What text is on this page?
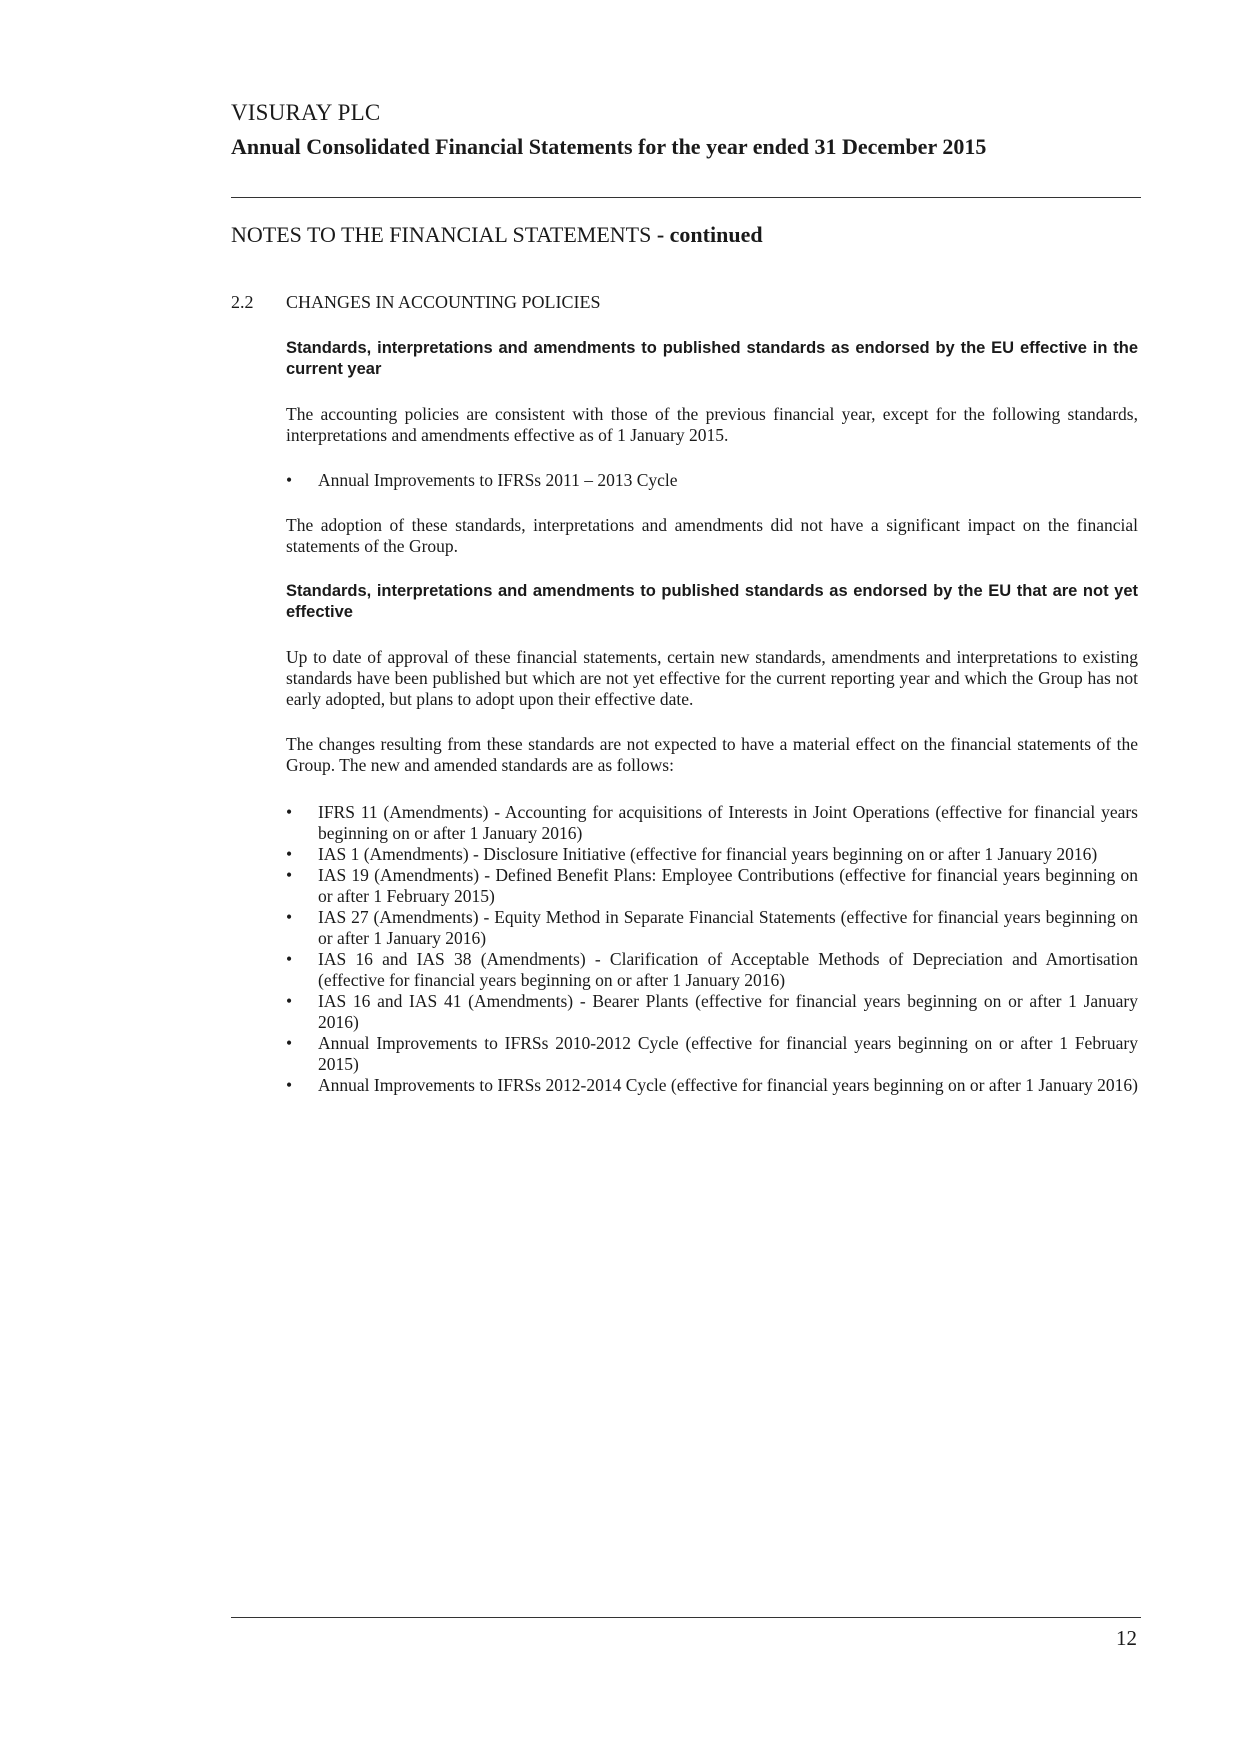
VISURAY PLC
Annual Consolidated Financial Statements for the year ended 31 December 2015
NOTES TO THE FINANCIAL STATEMENTS - continued
2.2 CHANGES IN ACCOUNTING POLICIES

Standards, interpretations and amendments to published standards as endorsed by the EU effective in the current year

The accounting policies are consistent with those of the previous financial year, except for the following standards, interpretations and amendments effective as of 1 January 2015.

• Annual Improvements to IFRSs 2011 – 2013 Cycle

The adoption of these standards, interpretations and amendments did not have a significant impact on the financial statements of the Group.

Standards, interpretations and amendments to published standards as endorsed by the EU that are not yet effective

Up to date of approval of these financial statements, certain new standards, amendments and interpretations to existing standards have been published but which are not yet effective for the current reporting year and which the Group has not early adopted, but plans to adopt upon their effective date.

The changes resulting from these standards are not expected to have a material effect on the financial statements of the Group. The new and amended standards are as follows:

• IFRS 11 (Amendments) - Accounting for acquisitions of Interests in Joint Operations (effective for financial years beginning on or after 1 January 2016)
• IAS 1 (Amendments) - Disclosure Initiative (effective for financial years beginning on or after 1 January 2016)
• IAS 19 (Amendments) - Defined Benefit Plans: Employee Contributions (effective for financial years beginning on or after 1 February 2015)
• IAS 27 (Amendments) - Equity Method in Separate Financial Statements (effective for financial years beginning on or after 1 January 2016)
• IAS 16 and IAS 38 (Amendments) - Clarification of Acceptable Methods of Depreciation and Amortisation (effective for financial years beginning on or after 1 January 2016)
• IAS 16 and IAS 41 (Amendments) - Bearer Plants (effective for financial years beginning on or after 1 January 2016)
• Annual Improvements to IFRSs 2010-2012 Cycle (effective for financial years beginning on or after 1 February 2015)
• Annual Improvements to IFRSs 2012-2014 Cycle (effective for financial years beginning on or after 1 January 2016)
12
